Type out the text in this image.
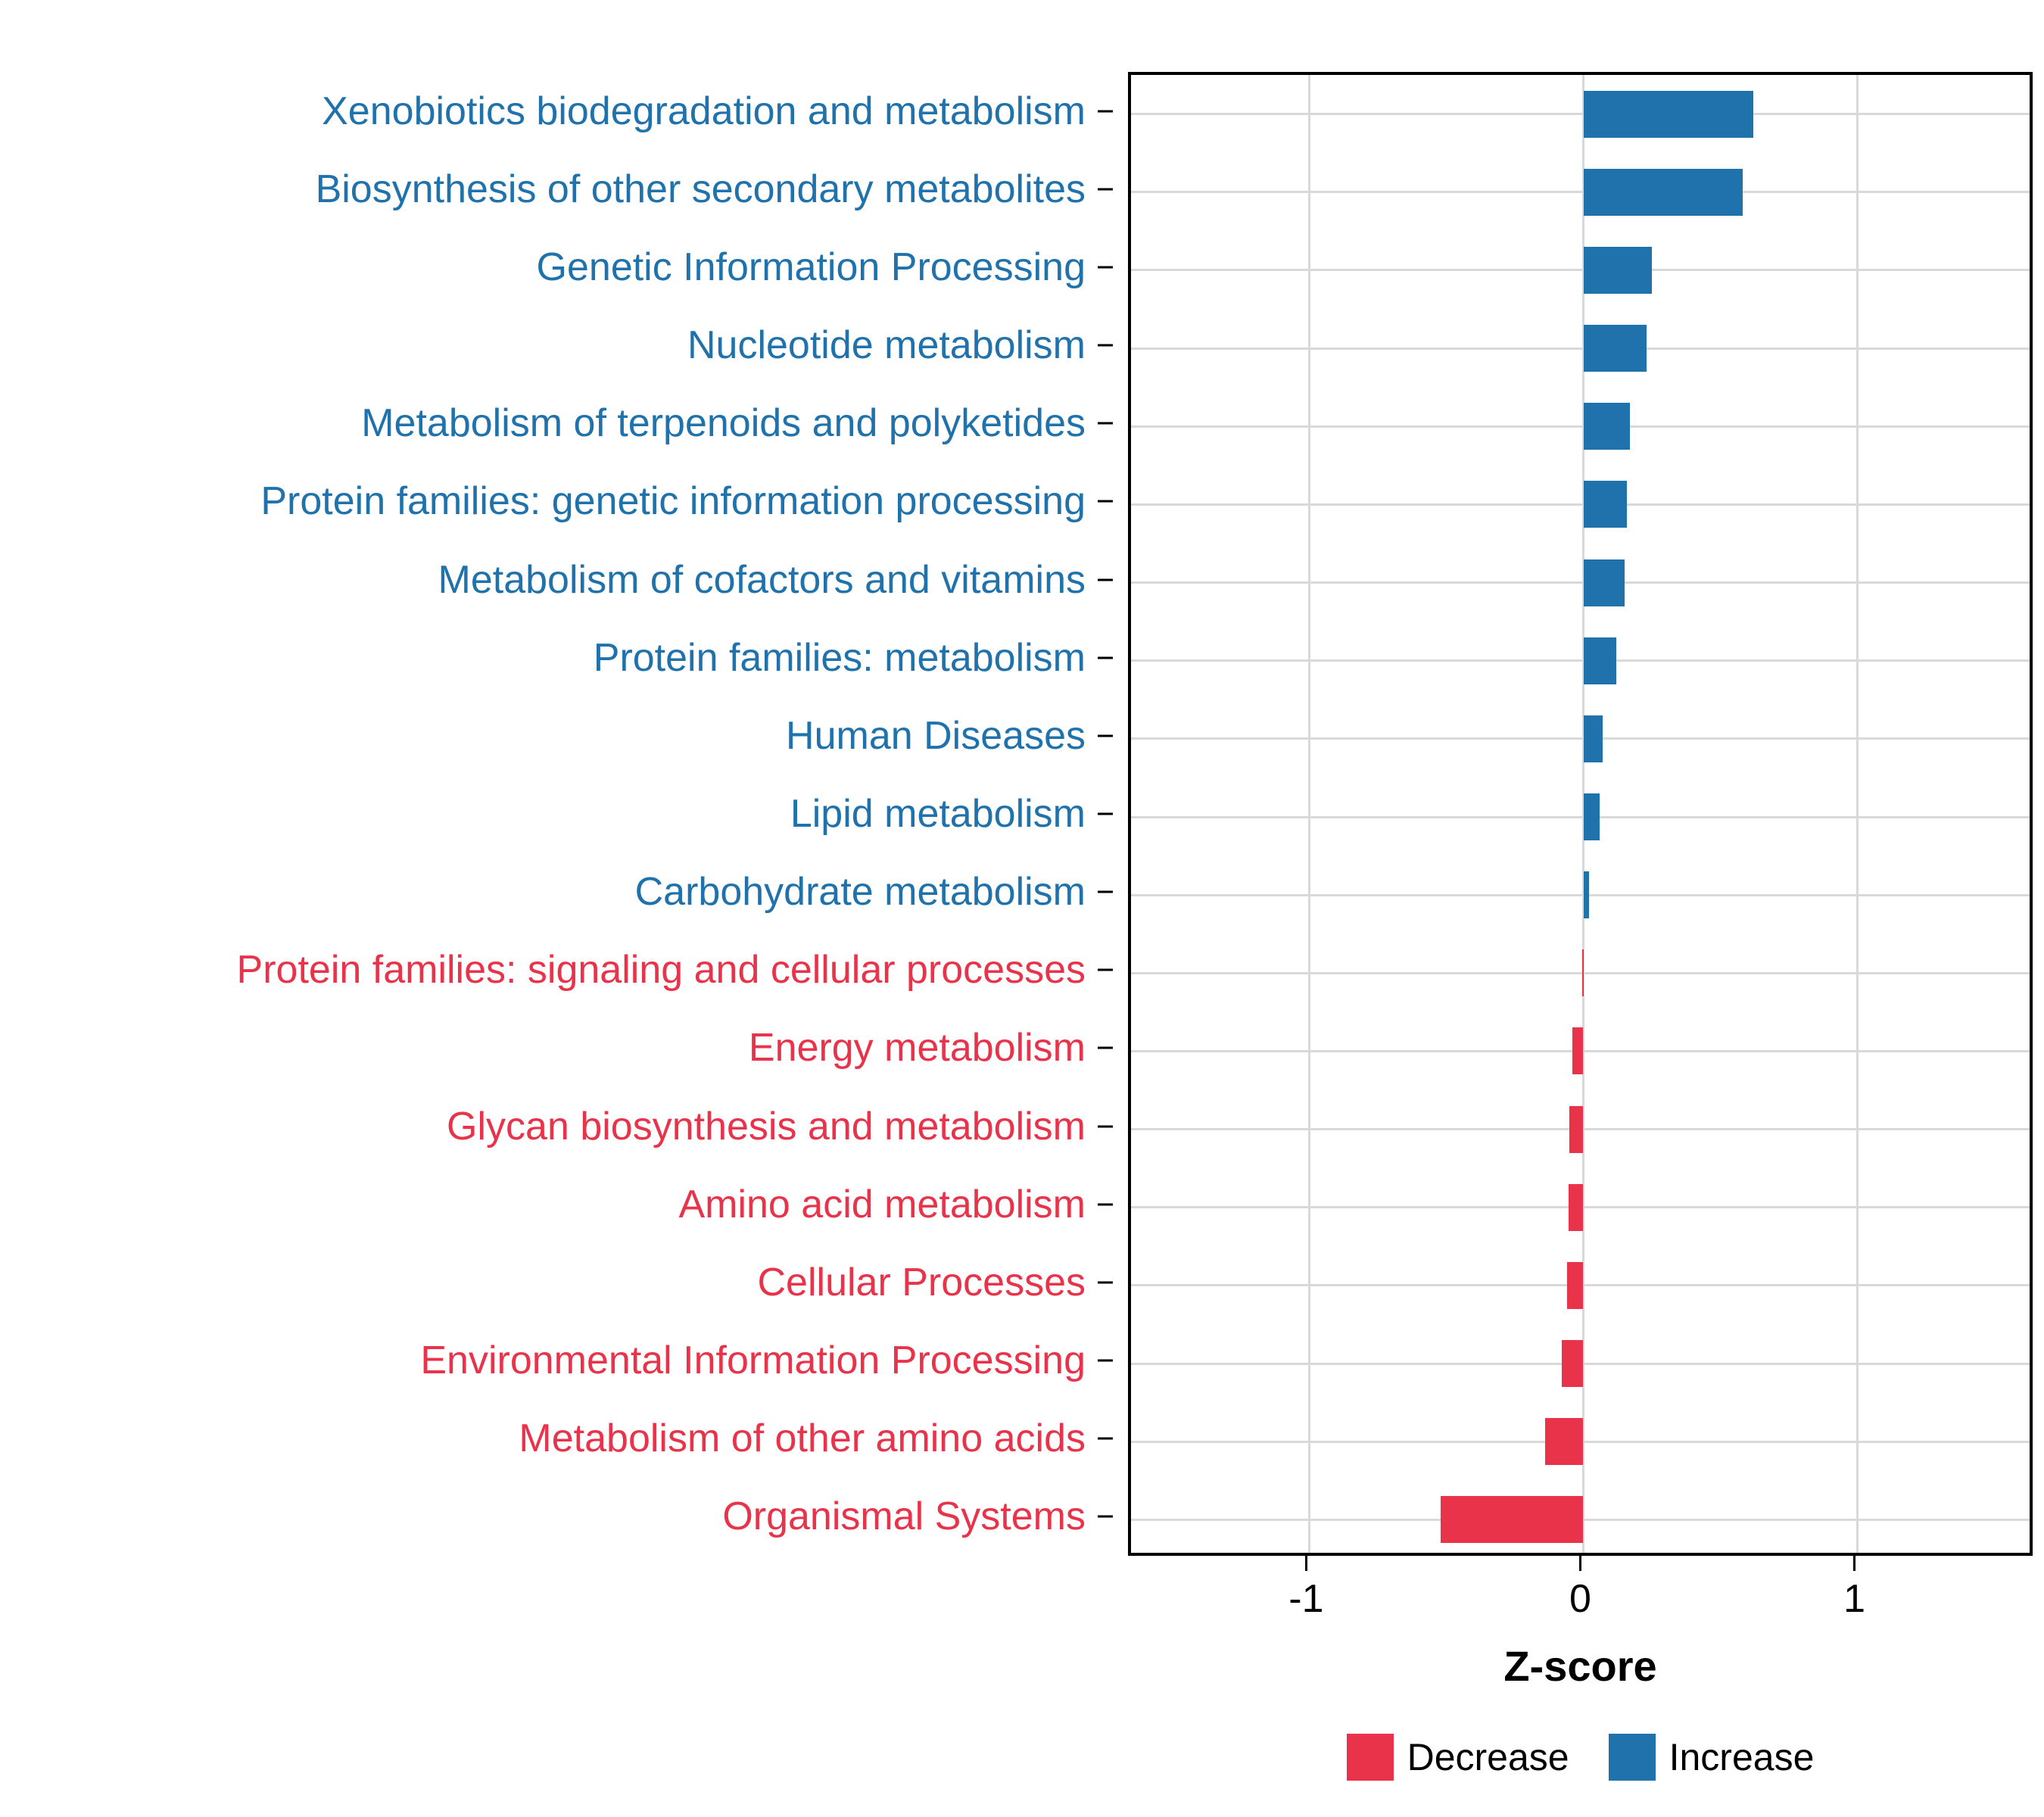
Xenobiotics biodegradation and metabolism
Biosynthesis of other secondary metabolites
Genetic Information Processing
Nucleotide metabolism
Metabolism of terpenoids and polyketides
Protein families: genetic information processing
Metabolism of cofactors and vitamins
Protein families: metabolism
Human Diseases
Lipid metabolism
Carbohydrate metabolism
Protein families: signaling and cellular processes
Energy metabolism
Glycan biosynthesis and metabolism
Amino acid metabolism
Cellular Processes
Environmental Information Processing
Metabolism of other amino acids
Organismal Systems
Z-score
Decrease	Increase
-1	0	1
